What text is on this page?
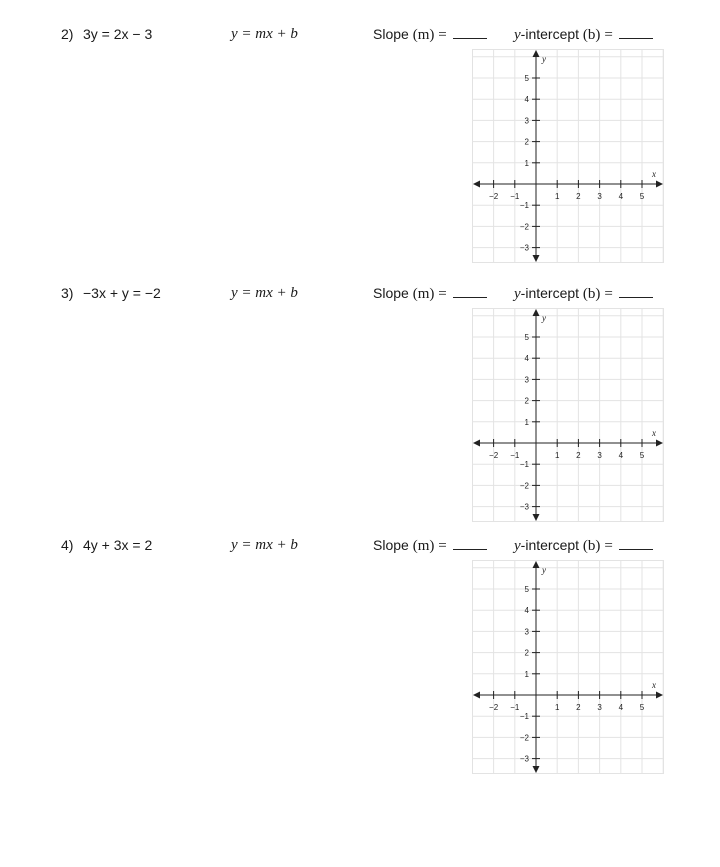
2) 3y = 2x − 3	y = mx + b	Slope (m) =	y-intercept (b) =
−2 −1	1 2 3 4 5
5
4
3
2
1
−1
−2
−3
x
y
3) −3x + y = −2	y = mx + b	Slope (m) =	y-intercept (b) =
−2 −1	1 2 3 4 5
5
4
3
2
1
−1
−2
−3
x
y
4) 4y + 3x = 2	y = mx + b	Slope (m) =	y-intercept (b) =
−2 −1	1 2 3 4 5
5
4
3
2
1
−1
−2
−3
x
y
